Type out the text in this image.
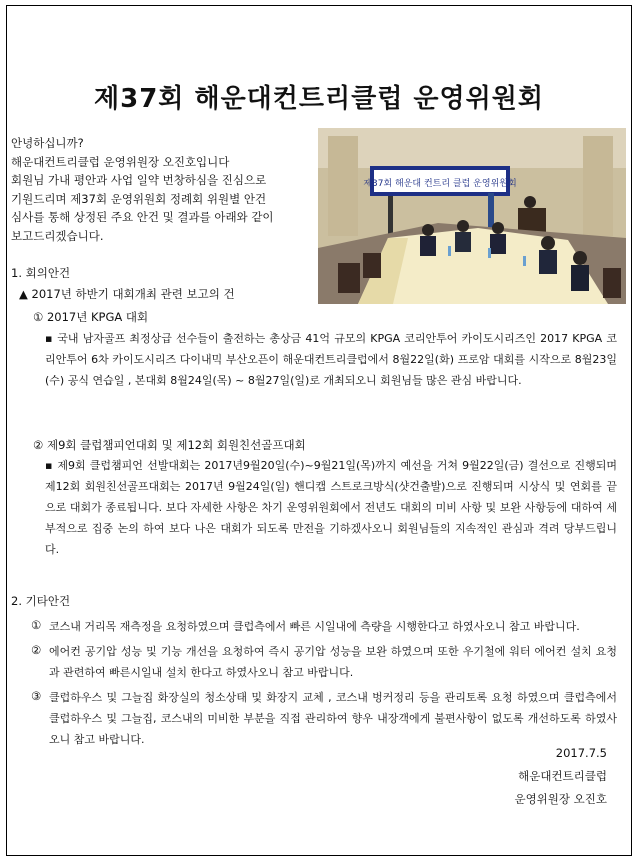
제37회 해운대컨트리클럽 운영위원회
안녕하십니까?
해운대컨트리클럽 운영위원장 오진호입니다
회원님 가내 평안과 사업 일약 번창하심을 진심으로
기원드리며 제37회 운영위원회 정례회 위원별 안건
심사를 통해 상정된 주요 안건 및 결과를 아래와 같이
보고드리겠습니다.
제37회 해운대 컨트리 클럽 운영위원회
1. 회의안건
▲ 2017년 하반기 대회개최 관련 보고의 건
① 2017년 KPGA 대회
▪ 국내 남자골프 최정상급 선수들이 출전하는 총상금 41억 규모의 KPGA 코리안투어 카이도시리즈인 2017 KPGA 코리안투어 6차 카이도시리즈 다이내믹 부산오픈이 해운대컨트리클럽에서 8월22일(화) 프로암 대회를 시작으로 8월23일(수) 공식 연습일 , 본대회 8월24일(목) ~ 8월27일(일)로 개최되오니 회원님들 많은 관심 바랍니다.
② 제9회 클럽챔피언대회 및 제12회 회원친선골프대회
▪ 제9회 클럽챔피언 선발대회는 2017년9월20일(수)~9월21일(목)까지 예선을 거쳐 9월22일(금) 결선으로 진행되며 제12회 회원친선골프대회는 2017년 9월24일(일) 핸디캡 스트로크방식(샷건출발)으로 진행되며 시상식 및 연회를 끝으로 대회가 종료됩니다. 보다 자세한 사항은 차기 운영위원회에서 전년도 대회의 미비 사항 및 보완 사항등에 대하여 세부적으로 집중 논의 하여 보다 나은 대회가 되도록 만전을 기하겠사오니 회원님들의 지속적인 관심과 격려 당부드립니다.
2. 기타안건
① 코스내 거리목 재측정을 요청하였으며 클럽측에서 빠른 시일내에 측량을 시행한다고 하였사오니 참고 바랍니다.
② 에어컨 공기압 성능 및 기능 개선을 요청하여 즉시 공기압 성능을 보완 하였으며 또한 우기철에 워터 에어컨 설치 요청과 관련하여 빠른시일내 설치 한다고 하였사오니 참고 바랍니다.
③ 클럽하우스 및 그늘집 화장실의 청소상태 및 화장지 교체 , 코스내 벙커정리 등을 관리토록 요청 하였으며 클럽측에서 클럽하우스 및 그늘집, 코스내의 미비한 부분을 직접 관리하여 향우 내장객에게 불편사항이 없도록 개선하도록 하였사오니 참고 바랍니다.
2017.7.5
해운대컨트리클럽
운영위원장 오진호
